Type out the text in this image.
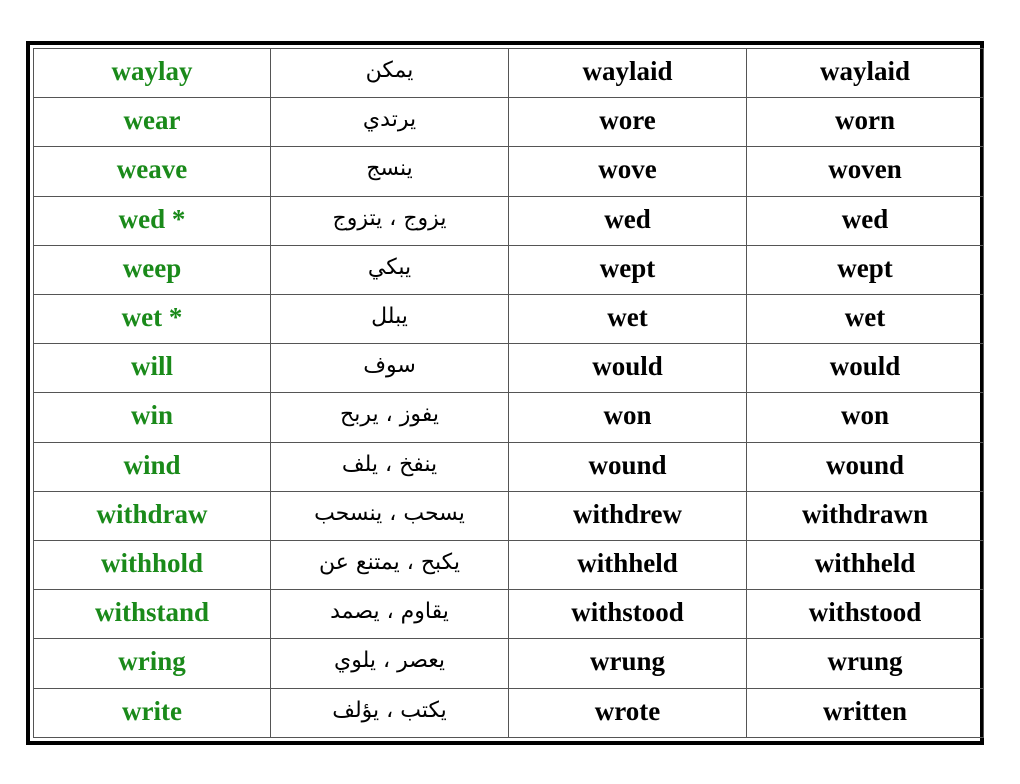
waylay	يمكن	waylaid	waylaid
wear	يرتدي	wore	worn
weave	ينسج	wove	woven
wed *	يزوج ، يتزوج	wed	wed
weep	يبكي	wept	wept
wet *	يبلل	wet	wet
will	سوف	would	would
win	يفوز ، يربح	won	won
wind	ينفخ ، يلف	wound	wound
withdraw	يسحب ، ينسحب	withdrew	withdrawn
withhold	يكبح ، يمتنع عن	withheld	withheld
withstand	يقاوم ، يصمد	withstood	withstood
wring	يعصر ، يلوي	wrung	wrung
write	يكتب ، يؤلف	wrote	written
